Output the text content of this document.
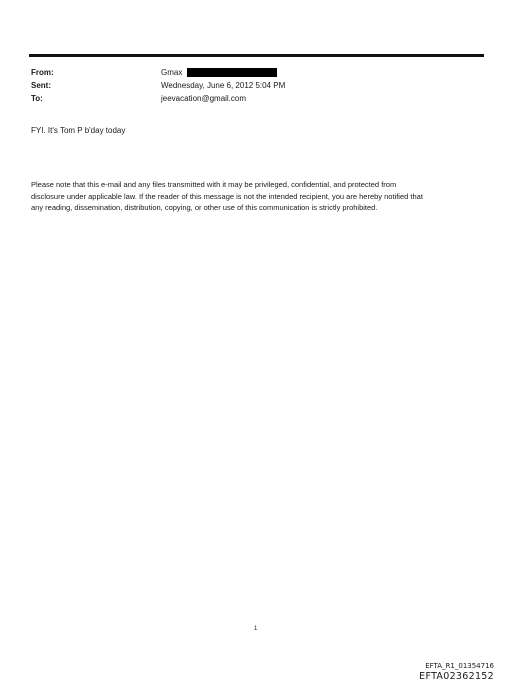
From:	Gmax
Sent:	Wednesday, June 6, 2012 5:04 PM
To:	jeevacation@gmail.com
FYI. It's Tom P b'day today
Please note that this e-mail and any files transmitted with it may be privileged, confidential, and protected from
disclosure under applicable law. If the reader of this message is not the intended recipient, you are hereby notified that
any reading, dissemination, distribution, copying, or other use of this communication is strictly prohibited.
1
EFTA_R1_01354716
EFTA02362152
